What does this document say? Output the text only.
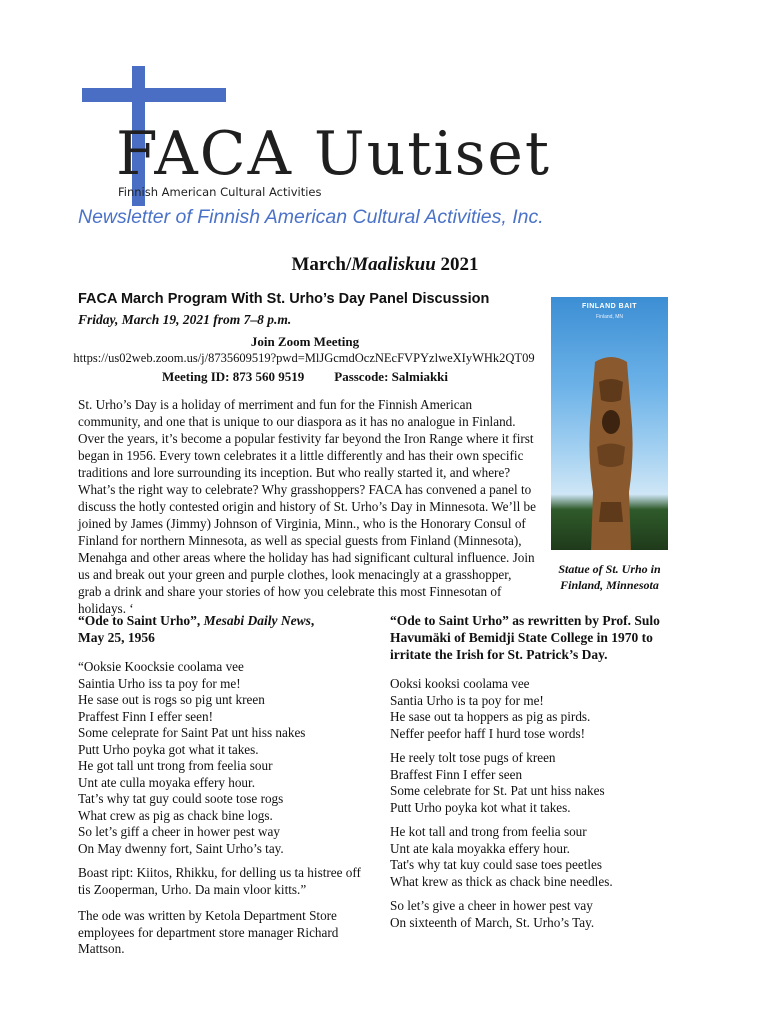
FACA Uutiset
Finnish American Cultural Activities
Newsletter of Finnish American Cultural Activities, Inc.
March/Maaliskuu 2021
FACA March Program With St. Urho’s Day Panel Discussion
Friday, March 19, 2021 from 7–8 p.m.
Join Zoom Meeting
https://us02web.zoom.us/j/8735609519?pwd=MlJGcmdOczNEcFVPYzlweXIyWHk2QT09
Meeting ID: 873 560 9519 Passcode: Salmiakki
St. Urho’s Day is a holiday of merriment and fun for the Finnish American community, and one that is unique to our diaspora as it has no analogue in Finland. Over the years, it’s become a popular festivity far beyond the Iron Range where it first began in 1956. Every town celebrates it a little differently and has their own specific traditions and lore surrounding its inception. But who really started it, and where? What’s the right way to celebrate? Why grasshoppers? FACA has convened a panel to discuss the hotly contested origin and history of St. Urho’s Day in Minnesota. We’ll be joined by James (Jimmy) Johnson of Virginia, Minn., who is the Honorary Consul of Finland for northern Minnesota, as well as special guests from Finland (Minnesota), Menahga and other areas where the holiday has had significant cultural influence. Join us and break out your green and purple clothes, look menacingly at a grasshopper, grab a drink and share your stories of how you celebrate this most Finnesotan of holidays. ‘
FINLAND BAIT
Finland, MN
Statue of St. Urho in
Finland, Minnesota
“Ode to Saint Urho”, Mesabi Daily News,
May 25, 1956
“Ooksie Koocksie coolama vee
Saintia Urho iss ta poy for me!
He sase out is rogs so pig unt kreen
Praffest Finn I effer seen!
Some celeprate for Saint Pat unt hiss nakes
Putt Urho poyka got what it takes.
He got tall unt trong from feelia sour
Unt ate culla moyaka effery hour.
Tat’s why tat guy could soote tose rogs
What crew as pig as chack bine logs.
So let’s giff a cheer in hower pest way
On May dwenny fort, Saint Urho’s tay.
Boast ript: Kiitos, Rhikku, for delling us ta histree off tis Zooperman, Urho. Da main vloor kitts.”
The ode was written by Ketola Department Store employees for department store manager Richard Mattson.
“Ode to Saint Urho” as rewritten by Prof. Sulo Havumäki of Bemidji State College in 1970 to irritate the Irish for St. Patrick’s Day.
Ooksi kooksi coolama vee
Santia Urho is ta poy for me!
He sase out ta hoppers as pig as pirds.
Neffer peefor haff I hurd tose words!
He reely tolt tose pugs of kreen
Braffest Finn I effer seen
Some celebrate for St. Pat unt hiss nakes
Putt Urho poyka kot what it takes.
He kot tall and trong from feelia sour
Unt ate kala moyakka effery hour.
Tat's why tat kuy could sase toes peetles
What krew as thick as chack bine needles.
So let’s give a cheer in hower pest vay
On sixteenth of March, St. Urho’s Tay.
